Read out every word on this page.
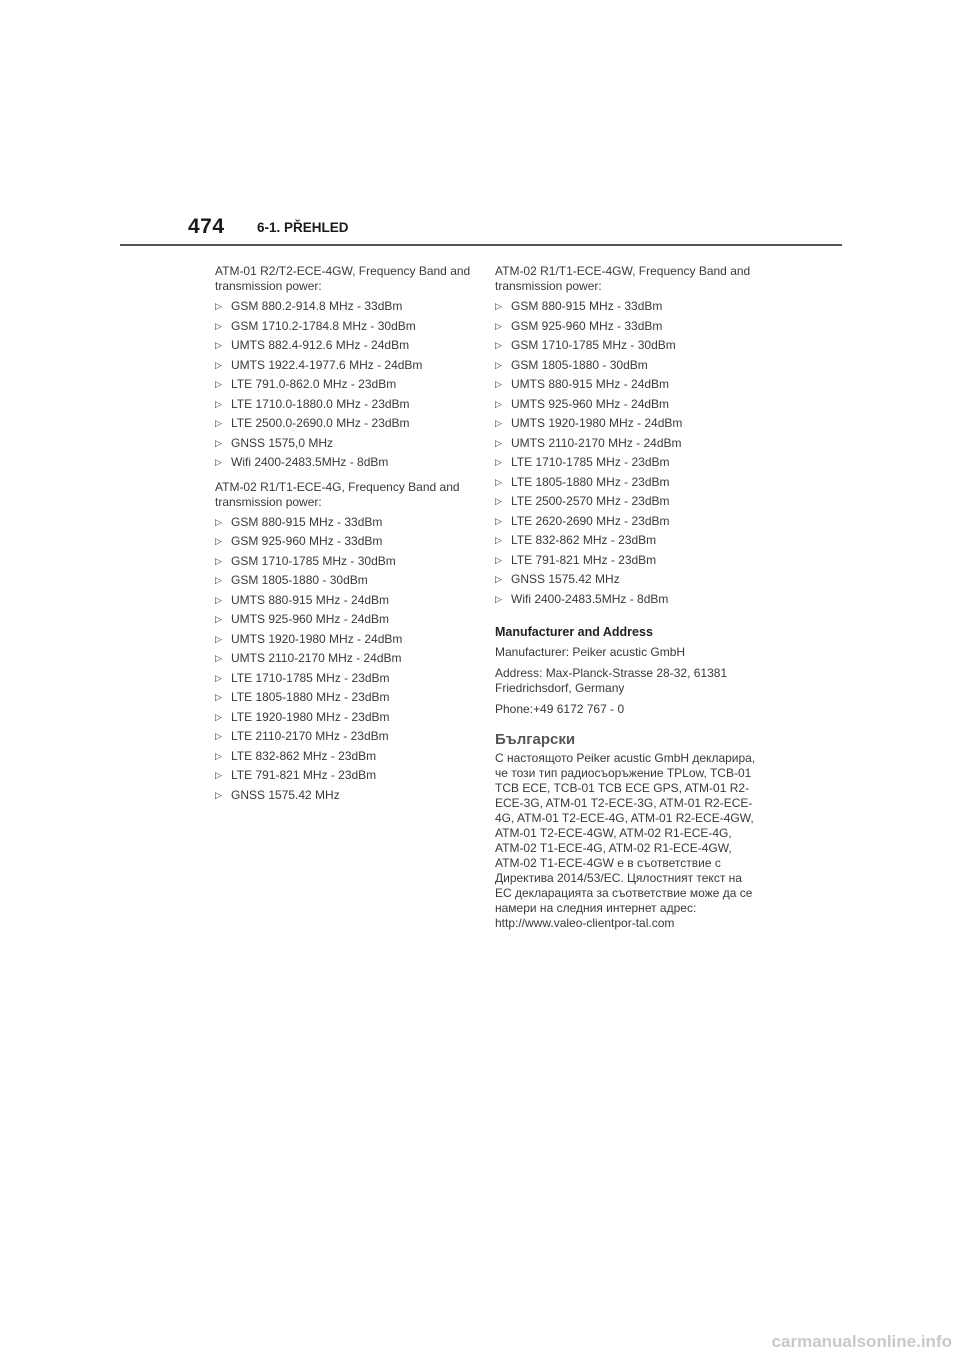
474 6-1. PŘEHLED

ATM-01 R2/T2-ECE-4GW, Frequency Band and transmission power:

▷ GSM 880.2-914.8 MHz - 33dBm
▷ GSM 1710.2-1784.8 MHz - 30dBm
▷ UMTS 882.4-912.6 MHz - 24dBm
▷ UMTS 1922.4-1977.6 MHz - 24dBm
▷ LTE 791.0-862.0 MHz - 23dBm
▷ LTE 1710.0-1880.0 MHz - 23dBm
▷ LTE 2500.0-2690.0 MHz - 23dBm
▷ GNSS 1575,0 MHz
▷ Wifi 2400-2483.5MHz - 8dBm

ATM-02 R1/T1-ECE-4G, Frequency Band and transmission power:

▷ GSM 880-915 MHz - 33dBm
▷ GSM 925-960 MHz - 33dBm
▷ GSM 1710-1785 MHz - 30dBm
▷ GSM 1805-1880 - 30dBm
▷ UMTS 880-915 MHz - 24dBm
▷ UMTS 925-960 MHz - 24dBm
▷ UMTS 1920-1980 MHz - 24dBm
▷ UMTS 2110-2170 MHz - 24dBm
▷ LTE 1710-1785 MHz - 23dBm
▷ LTE 1805-1880 MHz - 23dBm
▷ LTE 1920-1980 MHz - 23dBm
▷ LTE 2110-2170 MHz - 23dBm
▷ LTE 832-862 MHz - 23dBm
▷ LTE 791-821 MHz - 23dBm
▷ GNSS 1575.42 MHz

ATM-02 R1/T1-ECE-4GW, Frequency Band and transmission power:

▷ GSM 880-915 MHz - 33dBm
▷ GSM 925-960 MHz - 33dBm
▷ GSM 1710-1785 MHz - 30dBm
▷ GSM 1805-1880 - 30dBm
▷ UMTS 880-915 MHz - 24dBm
▷ UMTS 925-960 MHz - 24dBm
▷ UMTS 1920-1980 MHz - 24dBm
▷ UMTS 2110-2170 MHz - 24dBm
▷ LTE 1710-1785 MHz - 23dBm
▷ LTE 1805-1880 MHz - 23dBm
▷ LTE 2500-2570 MHz - 23dBm
▷ LTE 2620-2690 MHz - 23dBm
▷ LTE 832-862 MHz - 23dBm
▷ LTE 791-821 MHz - 23dBm
▷ GNSS 1575.42 MHz
▷ Wifi 2400-2483.5MHz - 8dBm
Manufacturer and Address

Manufacturer: Peiker acustic GmbH

Address: Max-Planck-Strasse 28-32, 61381 Friedrichsdorf, Germany

Phone:+49 6172 767 - 0

Български

С настоящото Peiker acustic GmbH декларира, че този тип радиосъоръжение TPLow, TCB-01 TCB ECE, TCB-01 TCB ECE GPS, ATM-01 R2-ECE-3G, ATM-01 T2-ECE-3G, ATM-01 R2-ECE-4G, ATM-01 T2-ECE-4G, ATM-01 R2-ECE-4GW, ATM-01 T2-ECE-4GW, ATM-02 R1-ECE-4G, ATM-02 T1-ECE-4G, ATM-02 R1-ECE-4GW, ATM-02 T1-ECE-4GW е в съответствие с Директива 2014/53/ЕС. Цялостният текст на ЕС декларацията за съответствие може да се намери на следния интернет адрес: http://www.valeo-clientpor-tal.com

carmanualsonline.info
